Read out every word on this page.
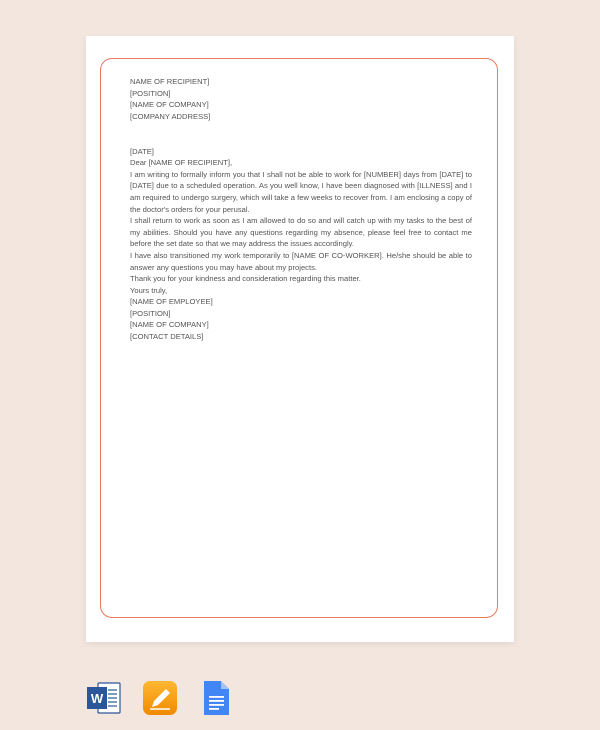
NAME OF RECIPIENT]

[POSITION]

[NAME OF COMPANY]

[COMPANY ADDRESS]

[DATE]

Dear [NAME OF RECIPIENT],

I am writing to formally inform you that I shall not be able to work for [NUMBER] days from [DATE] to [DATE] due to a scheduled operation. As you well know, I have been diagnosed with [ILLNESS] and I am required to undergo surgery, which will take a few weeks to recover from. I am enclosing a copy of the doctor's orders for your perusal.

I shall return to work as soon as I am allowed to do so and will catch up with my tasks to the best of my abilities. Should you have any questions regarding my absence, please feel free to contact me before the set date so that we may address the issues accordingly.

I have also transitioned my work temporarily to [NAME OF CO-WORKER]. He/she should be able to answer any questions you may have about my projects.

Thank you for your kindness and consideration regarding this matter.

Yours truly,

[NAME OF EMPLOYEE]

[POSITION]

[NAME OF COMPANY]

[CONTACT DETAILS]

W
